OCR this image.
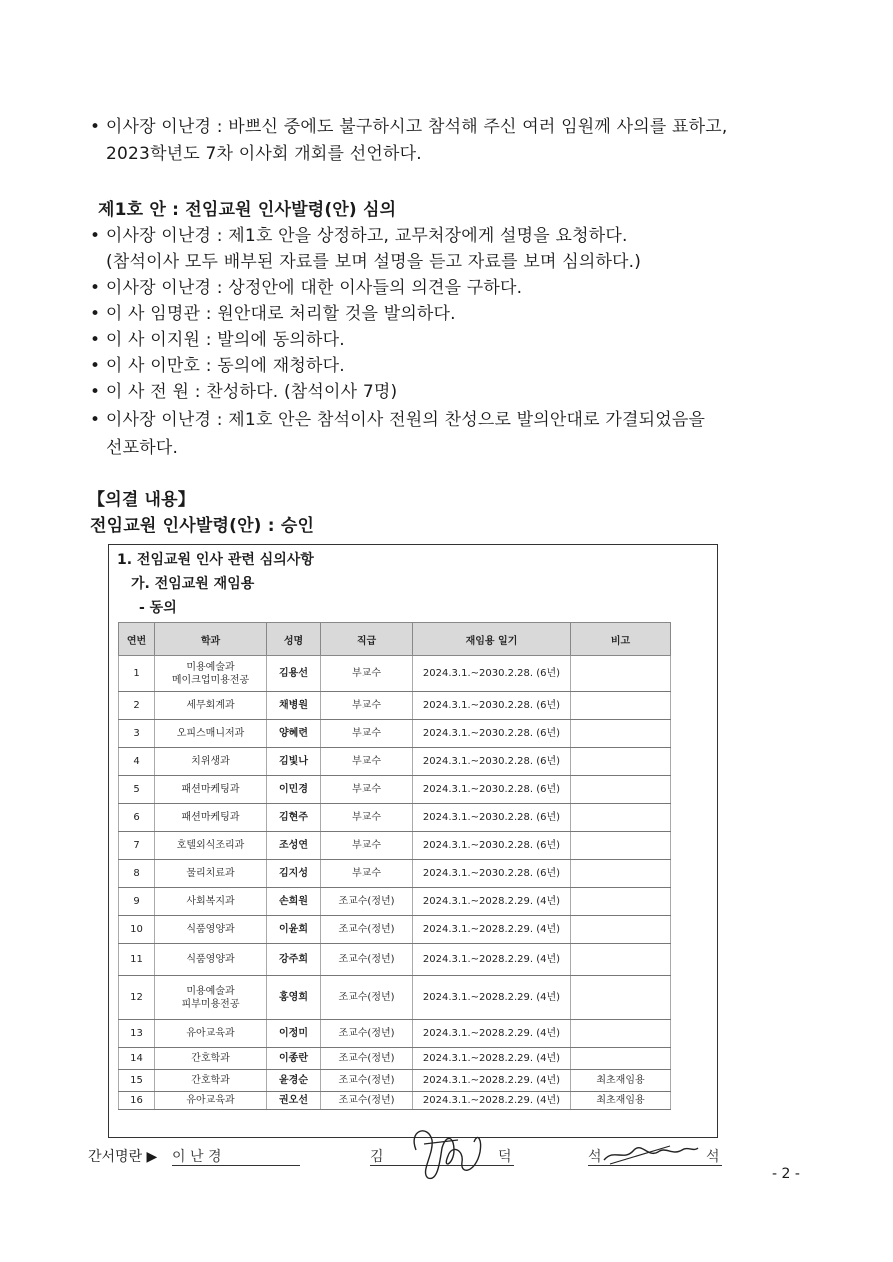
• 이사장 이난경 : 바쁘신 중에도 불구하시고 참석해 주신 여러 임원께 사의를 표하고,
2023학년도 7차 이사회 개회를 선언하다.
제1호 안 : 전임교원 인사발령(안) 심의
• 이사장 이난경 : 제1호 안을 상정하고, 교무처장에게 설명을 요청하다.
(참석이사 모두 배부된 자료를 보며 설명을 듣고 자료를 보며 심의하다.)
• 이사장 이난경 : 상정안에 대한 이사들의 의견을 구하다.
• 이 사 임명관 : 원안대로 처리할 것을 발의하다.
• 이 사 이지원 : 발의에 동의하다.
• 이 사 이만호 : 동의에 재청하다.
• 이 사 전 원 : 찬성하다. (참석이사 7명)
• 이사장 이난경 : 제1호 안은 참석이사 전원의 찬성으로 발의안대로 가결되었음을
선포하다.
【의결 내용】
전임교원 인사발령(안) : 승인
1. 전임교원 인사 관련 심의사항
가. 전임교원 재임용
- 동의
연번	학과	성명	직급	재임용 일기	비고
1	미용예술과
메이크업미용전공	김용선	부교수	2024.3.1.~2030.2.28. (6년)	
2	세무회계과	채병원	부교수	2024.3.1.~2030.2.28. (6년)	
3	오피스매니저과	양혜련	부교수	2024.3.1.~2030.2.28. (6년)	
4	치위생과	김빛나	부교수	2024.3.1.~2030.2.28. (6년)	
5	패션마케팅과	이민경	부교수	2024.3.1.~2030.2.28. (6년)	
6	패션마케팅과	김현주	부교수	2024.3.1.~2030.2.28. (6년)	
7	호텔외식조리과	조성연	부교수	2024.3.1.~2030.2.28. (6년)	
8	물리치료과	김지성	부교수	2024.3.1.~2030.2.28. (6년)	
9	사회복지과	손희원	조교수(정년)	2024.3.1.~2028.2.29. (4년)	
10	식품영양과	이윤희	조교수(정년)	2024.3.1.~2028.2.29. (4년)	
11	식품영양과	강주희	조교수(정년)	2024.3.1.~2028.2.29. (4년)	
12	미용예술과
피부미용전공	홍영희	조교수(정년)	2024.3.1.~2028.2.29. (4년)	
13	유아교육과	이정미	조교수(정년)	2024.3.1.~2028.2.29. (4년)	
14	간호학과	이종란	조교수(정년)	2024.3.1.~2028.2.29. (4년)	
15	간호학과	윤경순	조교수(정년)	2024.3.1.~2028.2.29. (4년)	최초재임용
16	유아교육과	권오선	조교수(정년)	2024.3.1.~2028.2.29. (4년)	최초재임용
간서명란 ▶ 이 난 경	김	덕	석	석
- 2 -
